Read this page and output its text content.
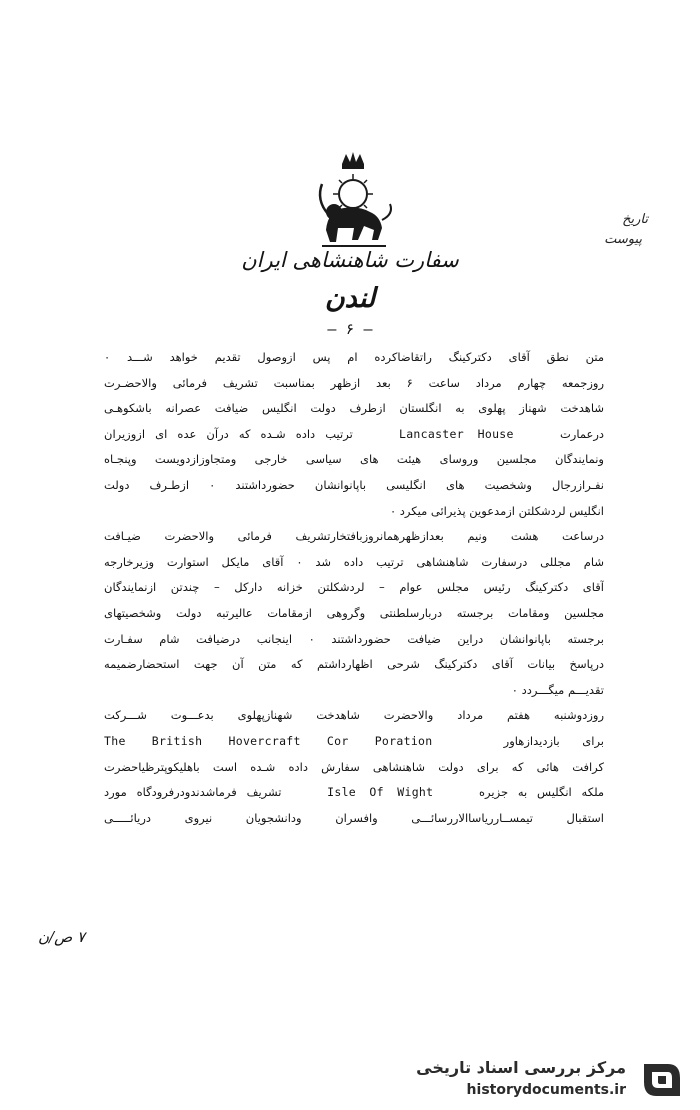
تاریخ
پیوست
سفارت شاهنشاهی ایران
لندن
– ۶ –
متن نطق آقای دکترکینگ راتقاضاکرده ام پس ازوصول تقدیم خواهد شـــد ۰
روزجمعه چهارم مرداد ساعت ۶ بعد ازظهر بمناسبت تشریف فرمائی والاحضـرت
شاهدخت شهناز پهلوی به انگلستان ازطرف دولت انگلیس ضیافت عصرانه باشکوهـی
درعمارت  Lancaster House  ترتیب داده شـده که درآن عده ای ازوزیران
ونمایندگان مجلسین وروسای هیئت های سیاسی خارجی ومتجاوزازدویست وپنجـاه
نفـرازرجال وشخصیت های انگلیسی باپانوانشان حضورداشتند ۰ ازطـرف دولت
انگلیس لردشکلتن ازمدعوین پذیرائی میکرد ۰
درساعت هشت ونیم بعدازظهرهمانروزبافتخارتشریف فرمائی والاحضرت ضیـافت
شام مجللی درسفارت شاهنشاهی ترتیب داده شد ۰ آقای مایکل استوارت وزیرخارجه
آقای دکترکینگ رئیس مجلس عوام – لردشکلتن خزانه دارکل – چندتن ازنمایندگان
مجلسین ومقامات برجسته دربارسلطنتی وگروهی ازمقامات عالیرتبه دولت وشخصیتهای
برجسته باپانوانشان دراین ضیافت حضورداشتند ۰ اینجانب درضیافت شام سفـارت
درپاسخ بیانات آقای دکترکینگ شرحی اظهارداشتم که متن آن جهت استحضارضمیمه
تقدیـــم میگـــردد ۰
روزدوشنبه هفتم مرداد والاحضرت شاهدخت شهنازپهلوی بدعـــوت شـــرکت
برای بازدیدازهاور  The British Hovercraft Cor Poration
کرافت هائی که برای دولت شاهنشاهی سفارش داده شـده است باهلیکوپترظیاحضرت
ملکه انگلیس به جزیره  Isle Of Wight  تشریف فرماشدندودرفرودگاه مورد
استقبال تیمســارریاساالاررسائـــی وافسران ودانشجویان نیروی دریائـــــی
۷ ص/ن
مرکز بررسی اسناد تاریخی
historydocuments.ir
